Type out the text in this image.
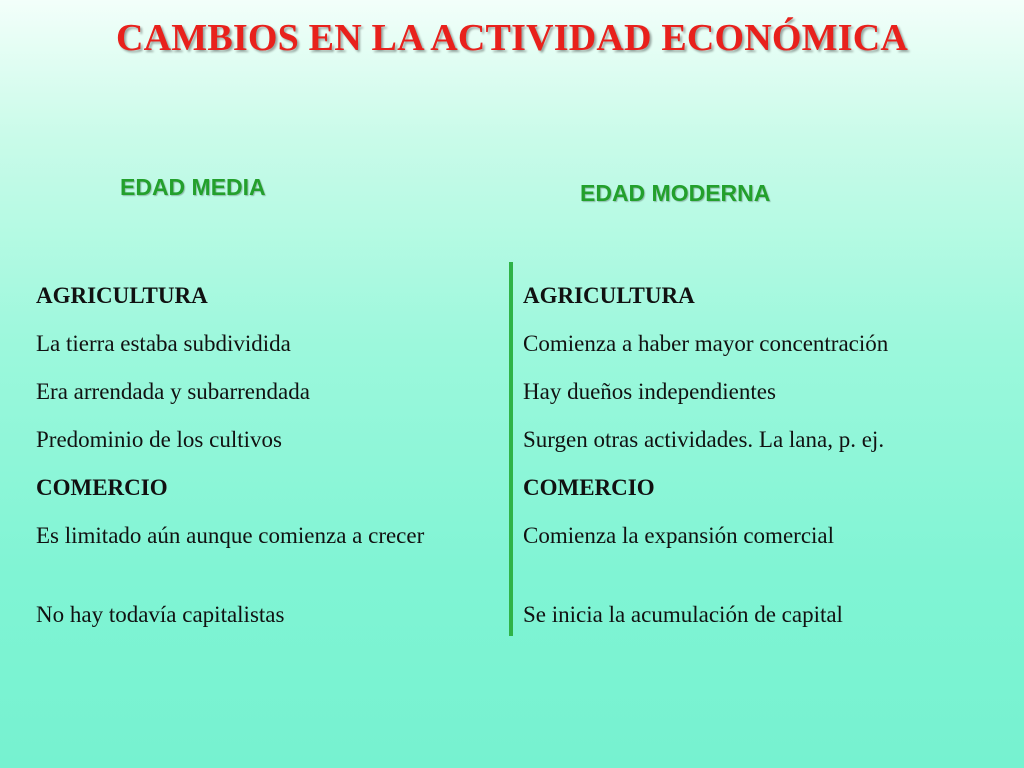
CAMBIOS EN LA ACTIVIDAD ECONÓMICA
EDAD MEDIA	EDAD MODERNA
AGRICULTURA
La tierra estaba subdividida
Era arrendada y subarrendada
Predominio de los cultivos
COMERCIO
Es limitado aún aunque comienza a crecer
No hay todavía capitalistas
AGRICULTURA
Comienza a haber mayor concentración
Hay dueños independientes
Surgen otras actividades. La lana, p. ej.
COMERCIO
Comienza la expansión comercial
Se inicia la acumulación de capital
